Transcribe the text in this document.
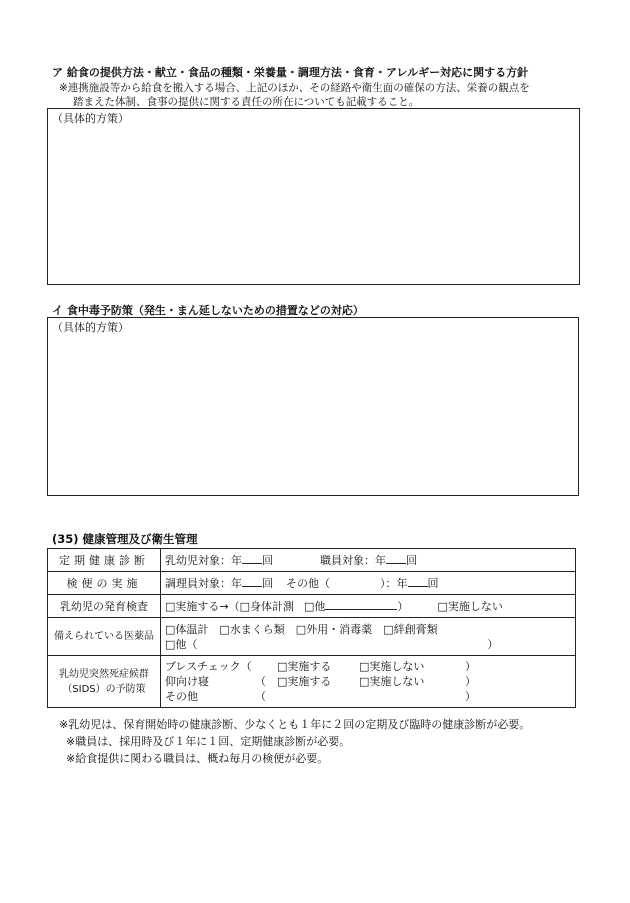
ア 給食の提供方法・献立・食品の種類・栄養量・調理方法・食育・アレルギー対応に関する方針
※連携施設等から給食を搬入する場合、上記のほか、その経路や衛生面の確保の方法、栄養の観点を
踏まえた体制、食事の提供に関する責任の所在についても記載すること。
（具体的方策）
イ 食中毒予防策（発生・まん延しないための措置などの対応）
（具体的方策）
(35) 健康管理及び衛生管理
定期健康診断	乳幼児対象：年 回 職員対象：年 回
検便の実施	調理員対象：年 回 その他（ ）：年 回
乳幼児の発育検査	□実施する→（□身体計測 □他 ） □実施しない
備えられている医薬品	□体温計　□水まくら類　□外用・消毒薬　□絆創膏類
□他（ ）

乳幼児突然死症候群
（SIDS）の予防策	ブレスチェック（ □実施する □実施しない ）
仰向け寝 （ □実施する □実施しない ）
その他 （ ）
※乳幼児は、保育開始時の健康診断、少なくとも１年に２回の定期及び臨時の健康診断が必要。
※職員は、採用時及び１年に１回、定期健康診断が必要。
※給食提供に関わる職員は、概ね毎月の検便が必要。
